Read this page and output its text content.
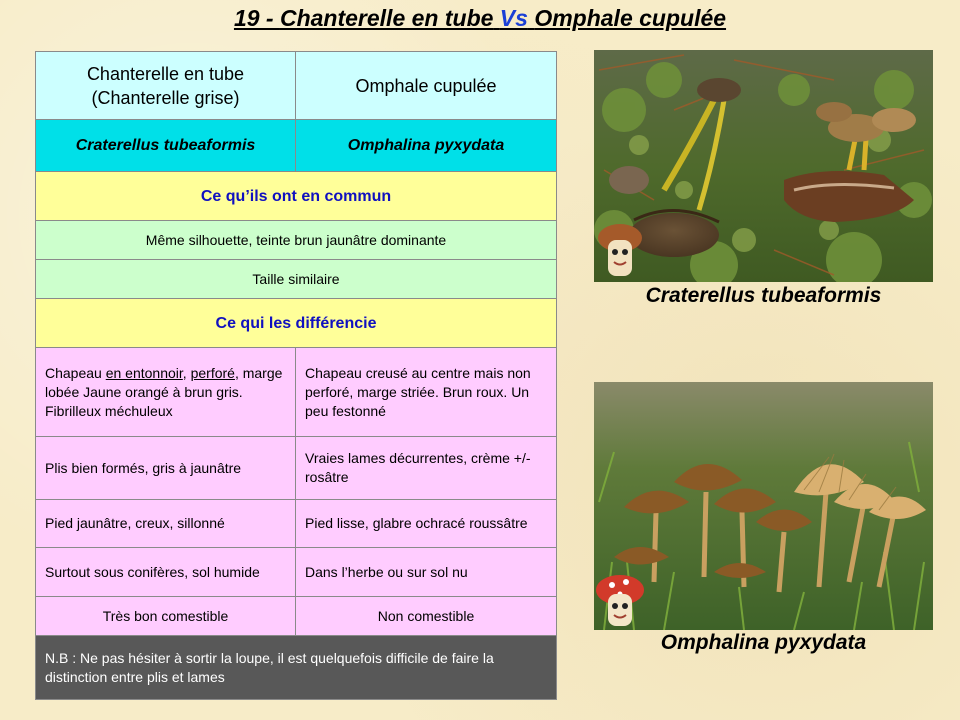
19 - Chanterelle en tube Vs Omphale cupulée
Chanterelle en tube (Chanterelle grise)	Omphale cupulée
Craterellus tubeaformis	Omphalina pyxydata
Ce qu’ils ont en commun	
Même silhouette, teinte brun jaunâtre dominante	
Taille similaire	
Ce qui les différencie	
Chapeau en entonnoir, perforé, marge lobée Jaune orangé à brun gris. Fibrilleux méchuleux	Chapeau creusé au centre mais non perforé, marge striée. Brun roux. Un peu festonné
Plis bien formés, gris à jaunâtre	Vraies lames décurrentes, crème +/- rosâtre
Pied jaunâtre, creux, sillonné	Pied lisse, glabre ochracé roussâtre
Surtout sous conifères, sol humide	Dans l’herbe ou sur sol nu
Très bon comestible	Non comestible
N.B : Ne pas hésiter à sortir la loupe, il est quelquefois difficile de faire la distinction entre plis et lames	
Craterellus tubeaformis
Omphalina pyxydata
